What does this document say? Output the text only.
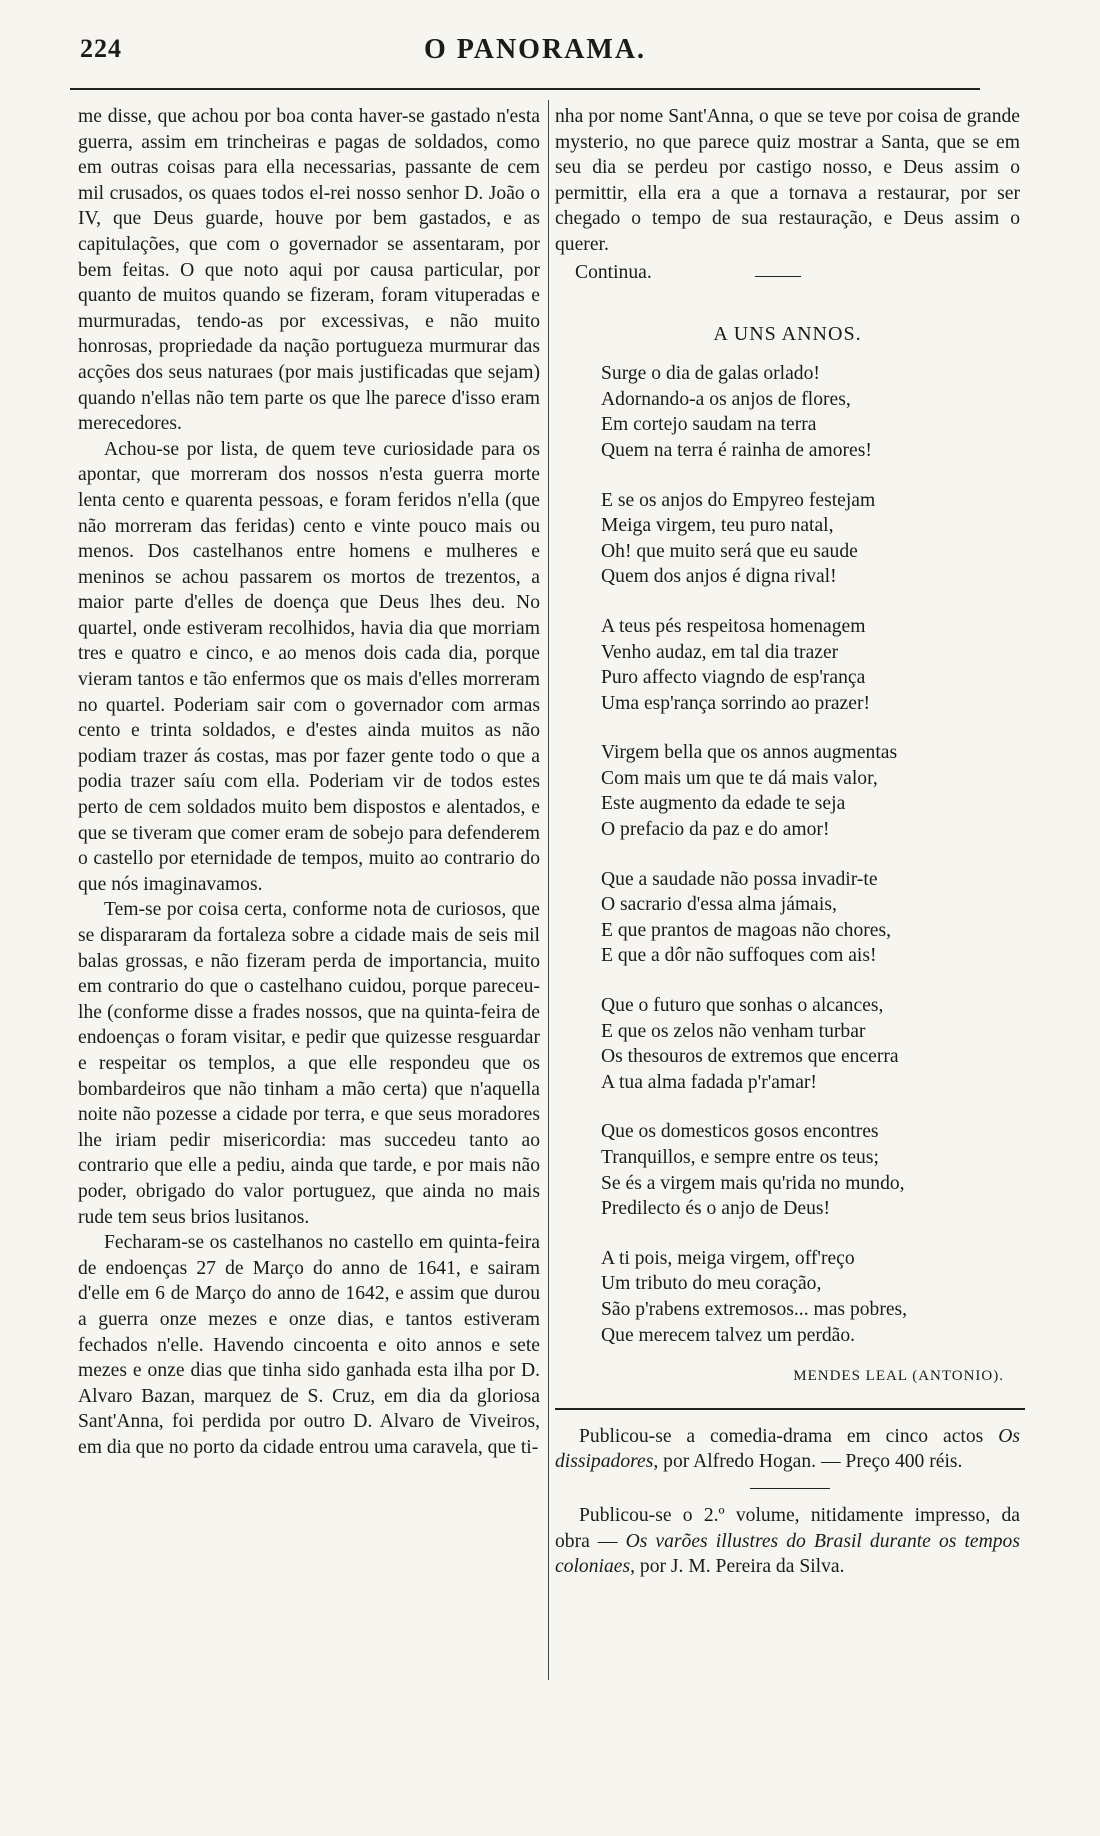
224	O PANORAMA.

me disse, que achou por boa conta haver-se gastado n'esta guerra, assim em trincheiras e pagas de soldados, como em outras coisas para ella necessarias, passante de cem mil crusados, os quaes todos el-rei nosso senhor D. João o IV, que Deus guarde, houve por bem gastados, e as capitulações, que com o governador se assentaram, por bem feitas. O que noto aqui por causa particular, por quanto de muitos quando se fizeram, foram vituperadas e murmuradas, tendo-as por excessivas, e não muito honrosas, propriedade da nação portugueza murmurar das acções dos seus naturaes (por mais justificadas que sejam) quando n'ellas não tem parte os que lhe parece d'isso eram merecedores.

Achou-se por lista, de quem teve curiosidade para os apontar, que morreram dos nossos n'esta guerra morte lenta cento e quarenta pessoas, e foram feridos n'ella (que não morreram das feridas) cento e vinte pouco mais ou menos. Dos castelhanos entre homens e mulheres e meninos se achou passarem os mortos de trezentos, a maior parte d'elles de doença que Deus lhes deu. No quartel, onde estiveram recolhidos, havia dia que morriam tres e quatro e cinco, e ao menos dois cada dia, porque vieram tantos e tão enfermos que os mais d'elles morreram no quartel. Poderiam sair com o governador com armas cento e trinta soldados, e d'estes ainda muitos as não podiam trazer ás costas, mas por fazer gente todo o que a podia trazer saíu com ella. Poderiam vir de todos estes perto de cem soldados muito bem dispostos e alentados, e que se tiveram que comer eram de sobejo para defenderem o castello por eternidade de tempos, muito ao contrario do que nós imaginavamos.

Tem-se por coisa certa, conforme nota de curiosos, que se dispararam da fortaleza sobre a cidade mais de seis mil balas grossas, e não fizeram perda de importancia, muito em contrario do que o castelhano cuidou, porque pareceu-lhe (conforme disse a frades nossos, que na quinta-feira de endoenças o foram visitar, e pedir que quizesse resguardar e respeitar os templos, a que elle respondeu que os bombardeiros que não tinham a mão certa) que n'aquella noite não pozesse a cidade por terra, e que seus moradores lhe iriam pedir misericordia: mas succedeu tanto ao contrario que elle a pediu, ainda que tarde, e por mais não poder, obrigado do valor portuguez, que ainda no mais rude tem seus brios lusitanos.

Fecharam-se os castelhanos no castello em quinta-feira de endoenças 27 de Março do anno de 1641, e sairam d'elle em 6 de Março do anno de 1642, e assim que durou a guerra onze mezes e onze dias, e tantos estiveram fechados n'elle. Havendo cincoenta e oito annos e sete mezes e onze dias que tinha sido ganhada esta ilha por D. Alvaro Bazan, marquez de S. Cruz, em dia da gloriosa Sant'Anna, foi perdida por outro D. Alvaro de Viveiros, em dia que no porto da cidade entrou uma caravela, que ti-

nha por nome Sant'Anna, o que se teve por coisa de grande mysterio, no que parece quiz mostrar a Santa, que se em seu dia se perdeu por castigo nosso, e Deus assim o permittir, ella era a que a tornava a restaurar, por ser chegado o tempo de sua restauração, e Deus assim o querer.

Continua.
A UNS ANNOS.
Surge o dia de galas orlado!
Adornando-a os anjos de flores,
Em cortejo saudam na terra
Quem na terra é rainha de amores!
E se os anjos do Empyreo festejam
Meiga virgem, teu puro natal,
Oh! que muito será que eu saude
Quem dos anjos é digna rival!
A teus pés respeitosa homenagem
Venho audaz, em tal dia trazer
Puro affecto viagndo de esp'rança
Uma esp'rança sorrindo ao prazer!
Virgem bella que os annos augmentas
Com mais um que te dá mais valor,
Este augmento da edade te seja
O prefacio da paz e do amor!
Que a saudade não possa invadir-te
O sacrario d'essa alma jámais,
E que prantos de magoas não chores,
E que a dôr não suffoques com ais!
Que o futuro que sonhas o alcances,
E que os zelos não venham turbar
Os thesouros de extremos que encerra
A tua alma fadada p'r'amar!
Que os domesticos gosos encontres
Tranquillos, e sempre entre os teus;
Se és a virgem mais qu'rida no mundo,
Predilecto és o anjo de Deus!
A ti pois, meiga virgem, off'reço
Um tributo do meu coração,
São p'rabens extremosos... mas pobres,
Que merecem talvez um perdão.
MENDES LEAL (ANTONIO).

Publicou-se a comedia-drama em cinco actos Os dissipadores, por Alfredo Hogan. — Preço 400 réis.

Publicou-se o 2.º volume, nitidamente impresso, da obra — Os varões illustres do Brasil durante os tempos coloniaes, por J. M. Pereira da Silva.
